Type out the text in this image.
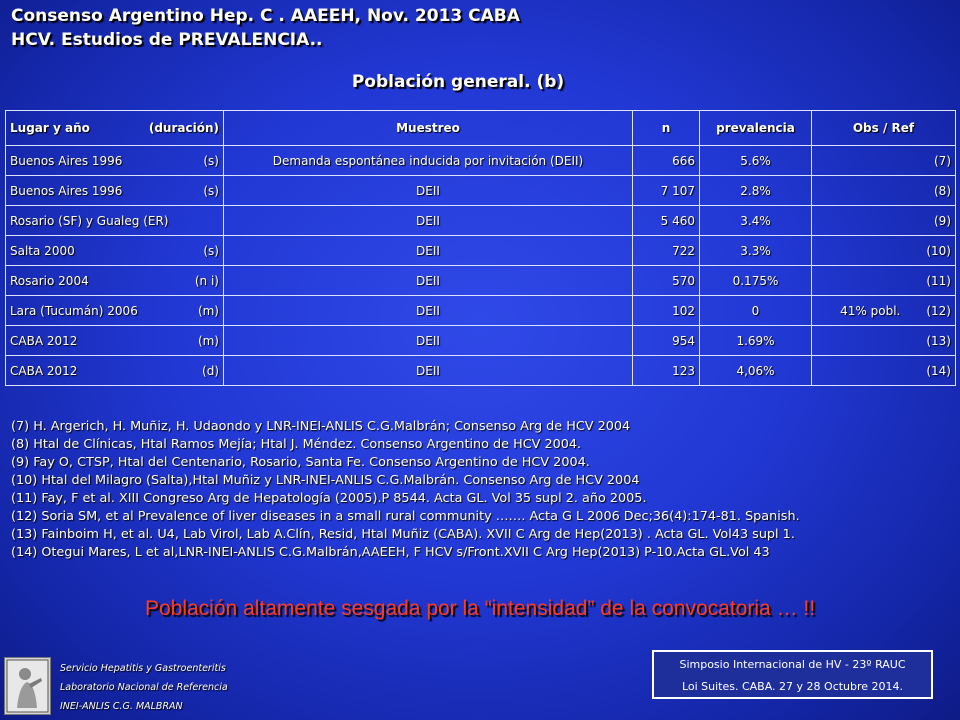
Consenso Argentino Hep. C . AAEEH, Nov. 2013 CABA
HCV. Estudios de PREVALENCIA..
Población general. (b)
Lugar y año (duración)	Muestreo	n	prevalencia	Obs / Ref

Buenos Aires 1996 (s)	Demanda espontánea inducida por invitación (DEII)	666	5.6%	(7)

Buenos Aires 1996 (s)	DEII	7 107	2.8%	(8)

Rosario (SF) y Gualeg (ER)	DEII	5 460	3.4%	(9)

Salta 2000 (s)	DEII	722	3.3%	(10)

Rosario 2004 (n i)	DEII	570	0.175%	(11)

Lara (Tucumán) 2006 (m)	DEII	102	0	41% pobl. (12)

CABA 2012 (m)	DEII	954	1.69%	(13)

CABA 2012 (d)	DEII	123	4,06%	(14)
(7) H. Argerich, H. Muñiz, H. Udaondo y LNR-INEI-ANLIS C.G.Malbrán; Consenso Arg de HCV 2004
(8) Htal de Clínicas, Htal Ramos Mejía; Htal J. Méndez. Consenso Argentino de HCV 2004.
(9) Fay O, CTSP, Htal del Centenario, Rosario, Santa Fe. Consenso Argentino de HCV 2004.
(10) Htal del Milagro (Salta),Htal Muñiz y LNR-INEI-ANLIS C.G.Malbrán. Consenso Arg de HCV 2004
(11) Fay, F et al. XIII Congreso Arg de Hepatología (2005).P 8544. Acta GL. Vol 35 supl 2. año 2005.
(12) Soria SM, et al Prevalence of liver diseases in a small rural community ……. Acta G L 2006 Dec;36(4):174-81. Spanish.
(13) Fainboim H, et al. U4, Lab Virol, Lab A.Clín, Resid, Htal Muñiz (CABA). XVII C Arg de Hep(2013) . Acta GL. Vol43 supl 1.
(14) Otegui Mares, L et al,LNR-INEI-ANLIS C.G.Malbrán,AAEEH, F HCV s/Front.XVII C Arg Hep(2013) P-10.Acta GL.Vol 43

Población altamente sesgada por la “intensidad” de la convocatoria … !!

Servicio Hepatitis y Gastroenteritis
Laboratorio Nacional de Referencia
INEI-ANLIS C.G. MALBRAN
Simposio Internacional de HV - 23º RAUC
Loi Suites. CABA. 27 y 28 Octubre 2014.
